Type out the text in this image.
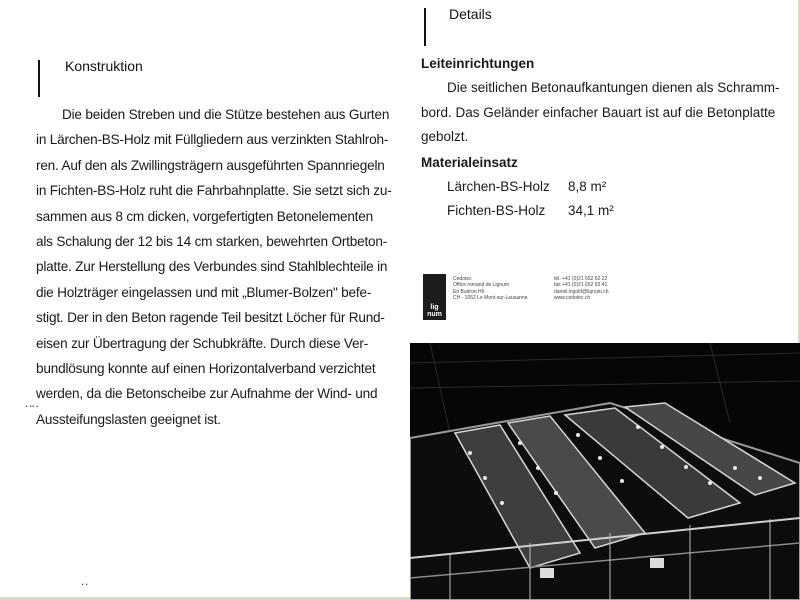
Konstruktion

Die beiden Streben und die Stütze bestehen aus Gurten

in Lärchen-BS-Holz mit Füllgliedern aus verzinkten Stahlroh-
ren. Auf den als Zwillingsträgern ausgeführten Spannriegeln
in Fichten-BS-Holz ruht die Fahrbahnplatte. Sie setzt sich zu-
sammen aus 8 cm dicken, vorgefertigten Betonelementen
als Schalung der 12 bis 14 cm starken, bewehrten Ortbeton-
platte. Zur Herstellung des Verbundes sind Stahlblechteile in
die Holzträger eingelassen und mit „Blumer-Bolzen" befe-
stigt. Der in den Beton ragende Teil besitzt Löcher für Rund-
eisen zur Übertragung der Schubkräfte. Durch diese Ver-
bundlösung konnte auf einen Horizontalverband verzichtet
werden, da die Betonscheibe zur Aufnahme der Wind- und
Aussteifungslasten geeignet ist.
⠐⠒⠂
⠐⠂
Details
Leiteinrichtungen

Die seitlichen Betonaufkantungen dienen als Schramm-

bord. Das Geländer einfacher Bauart ist auf die Betonplatte
gebolzt.
Materialeinsatz
Lärchen-BS-Holz	8,8 m²
Fichten-BS-Holz	34,1 m²
lig
num
Cedotec
Office romand de Lignum
En Budron H6
CH - 1052 Le Mont-sur-Lausanne
tél. +41 (0)21 652 62 22
fax +41 (0)21 652 93 41
daniel.ingold@lignum.ch
www.cedotec.ch
